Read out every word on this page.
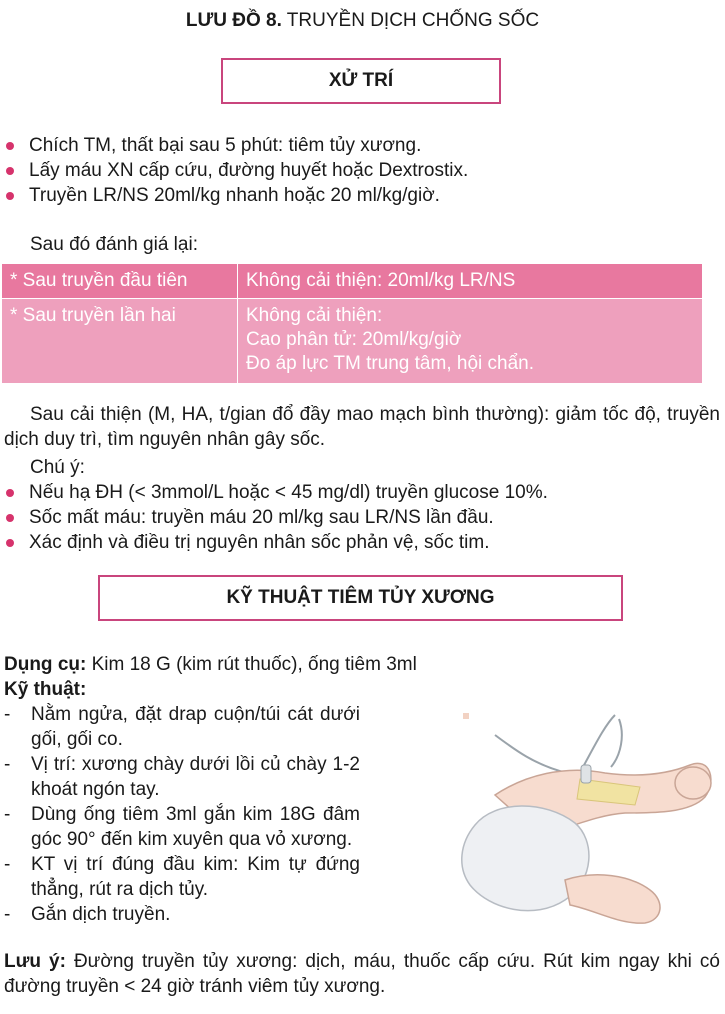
LƯU ĐỒ 8. TRUYỀN DỊCH CHỐNG SỐC
XỬ TRÍ
Chích TM, thất bại sau 5 phút: tiêm tủy xương.
Lấy máu XN cấp cứu, đường huyết hoặc Dextrostix.
Truyền LR/NS 20ml/kg nhanh hoặc 20 ml/kg/giờ.
Sau đó đánh giá lại:
* Sau truyền đầu tiên	Không cải thiện: 20ml/kg LR/NS

* Sau truyền lần hai	Không cải thiện:
Cao phân tử: 20ml/kg/giờ
Đo áp lực TM trung tâm, hội chẩn.
Sau cải thiện (M, HA, t/gian đổ đầy mao mạch bình thường): giảm tốc độ, truyền dịch duy trì, tìm nguyên nhân gây sốc.
Chú ý:
Nếu hạ ĐH (< 3mmol/L hoặc < 45 mg/dl) truyền glucose 10%.
Sốc mất máu: truyền máu 20 ml/kg sau LR/NS lần đầu.
Xác định và điều trị nguyên nhân sốc phản vệ, sốc tim.
KỸ THUẬT TIÊM TỦY XƯƠNG
Dụng cụ: Kim 18 G (kim rút thuốc), ống tiêm 3ml
Kỹ thuật:
- Nằm ngửa, đặt drap cuộn/túi cát dưới gối, gối co.
- Vị trí: xương chày dưới lồi củ chày 1-2 khoát ngón tay.
- Dùng ống tiêm 3ml gắn kim 18G đâm góc 90° đến kim xuyên qua vỏ xương.
- KT vị trí đúng đầu kim: Kim tự đứng thẳng, rút ra dịch tủy.
- Gắn dịch truyền.
Lưu ý: Đường truyền tủy xương: dịch, máu, thuốc cấp cứu. Rút kim ngay khi có đường truyền < 24 giờ tránh viêm tủy xương.
